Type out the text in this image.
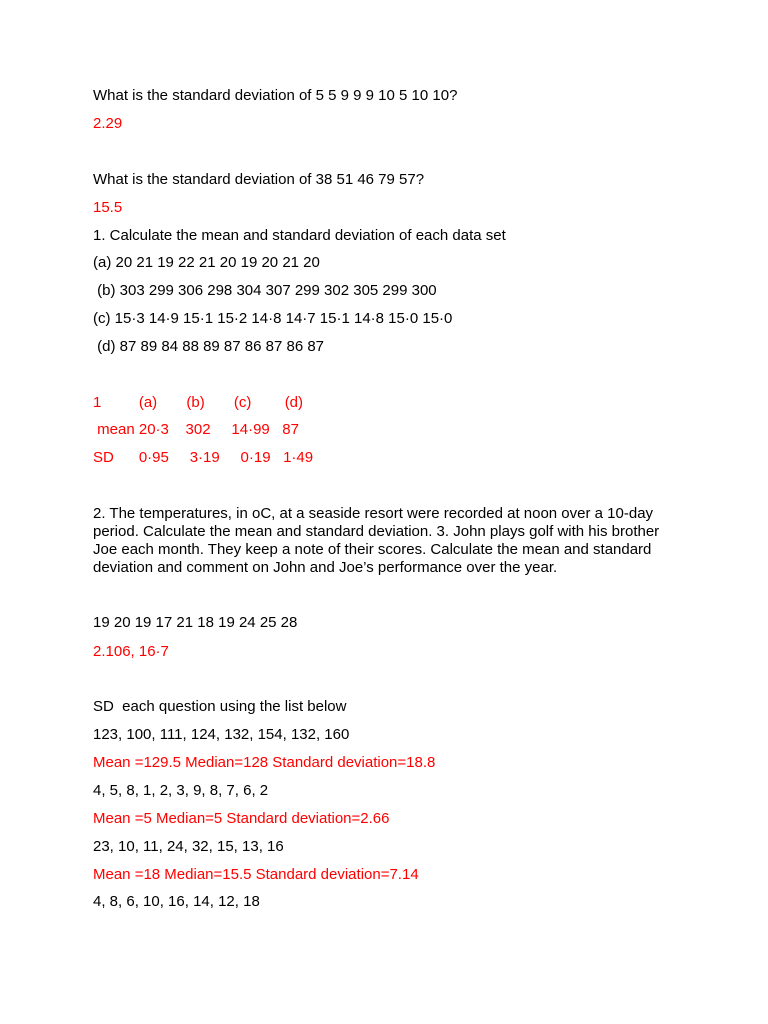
What is the standard deviation of 5 5 9 9 9 10 5 10 10?
2.29
What is the standard deviation of 38 51 46 79 57?
15.5
1. Calculate the mean and standard deviation of each data set
(a) 20 21 19 22 21 20 19 20 21 20
(b) 303 299 306 298 304 307 299 302 305 299 300
(c) 15·3 14·9 15·1 15·2 14·8 14·7 15·1 14·8 15·0 15·0
(d) 87 89 84 88 89 87 86 87 86 87
1         (a)       (b)       (c)        (d)
mean 20·3    302     14·99   87
SD      0·95     3·19     0·19   1·49
2. The temperatures, in oC, at a seaside resort were recorded at noon over a 10-day period. Calculate the mean and standard deviation. 3. John plays golf with his brother Joe each month. They keep a note of their scores. Calculate the mean and standard deviation and comment on John and Joe’s performance over the year.
19 20 19 17 21 18 19 24 25 28
2.106, 16·7
SD  each question using the list below
123, 100, 111, 124, 132, 154, 132, 160
Mean =129.5 Median=128 Standard deviation=18.8
4, 5, 8, 1, 2, 3, 9, 8, 7, 6, 2
Mean =5 Median=5 Standard deviation=2.66
23, 10, 11, 24, 32, 15, 13, 16
Mean =18 Median=15.5 Standard deviation=7.14
4, 8, 6, 10, 16, 14, 12, 18
